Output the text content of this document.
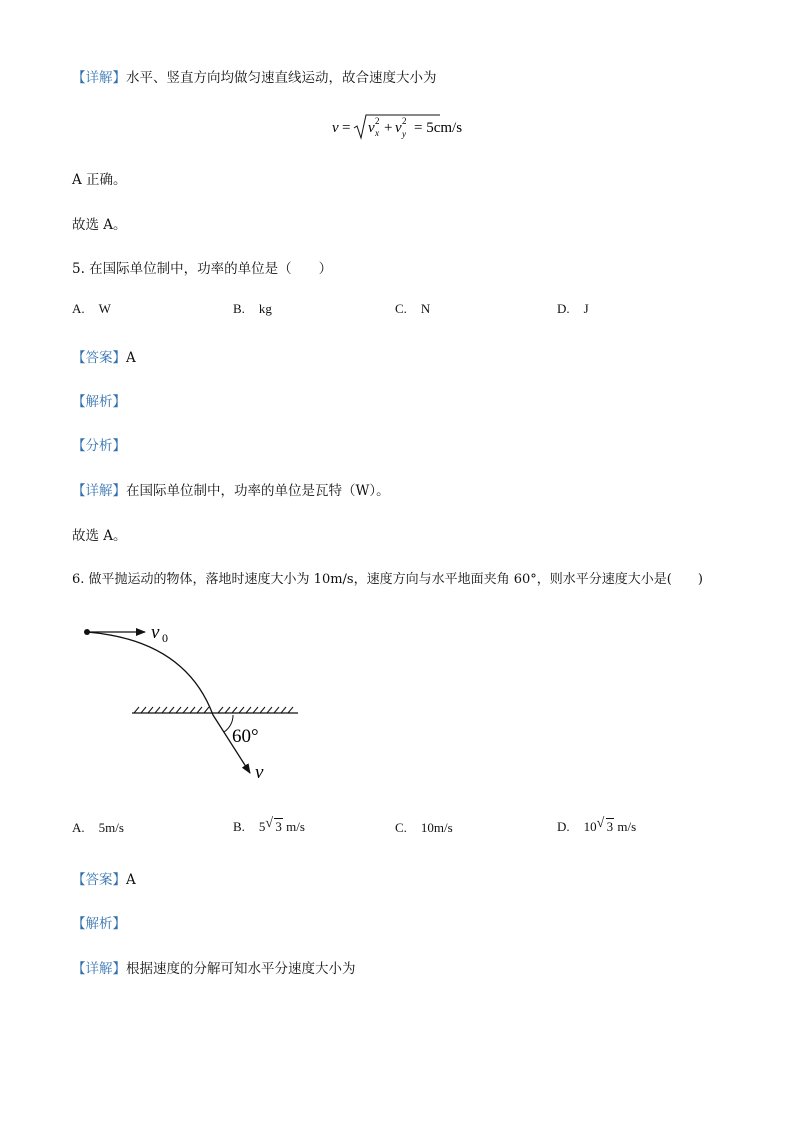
【详解】水平、竖直方向均做匀速直线运动，故合速度大小为
v = v 2
x + v 2
y = 5cm/s
A 正确。
故选 A。
5. 在国际单位制中，功率的单位是（　　）
A. W	B. kg	C. N	D. J
【答案】A
【解析】
【分析】
【详解】在国际单位制中，功率的单位是瓦特（W）。
故选 A。
6. 做平抛运动的物体，落地时速度大小为 10m/s，速度方向与水平地面夹角 60°，则水平分速度大小是(　　)
v 0
v
60°
A. 5m/s	B. 5 √ 3 m/s	C. 10m/s	D. 10 √ 3 m/s
【答案】A
【解析】
【详解】根据速度的分解可知水平分速度大小为
